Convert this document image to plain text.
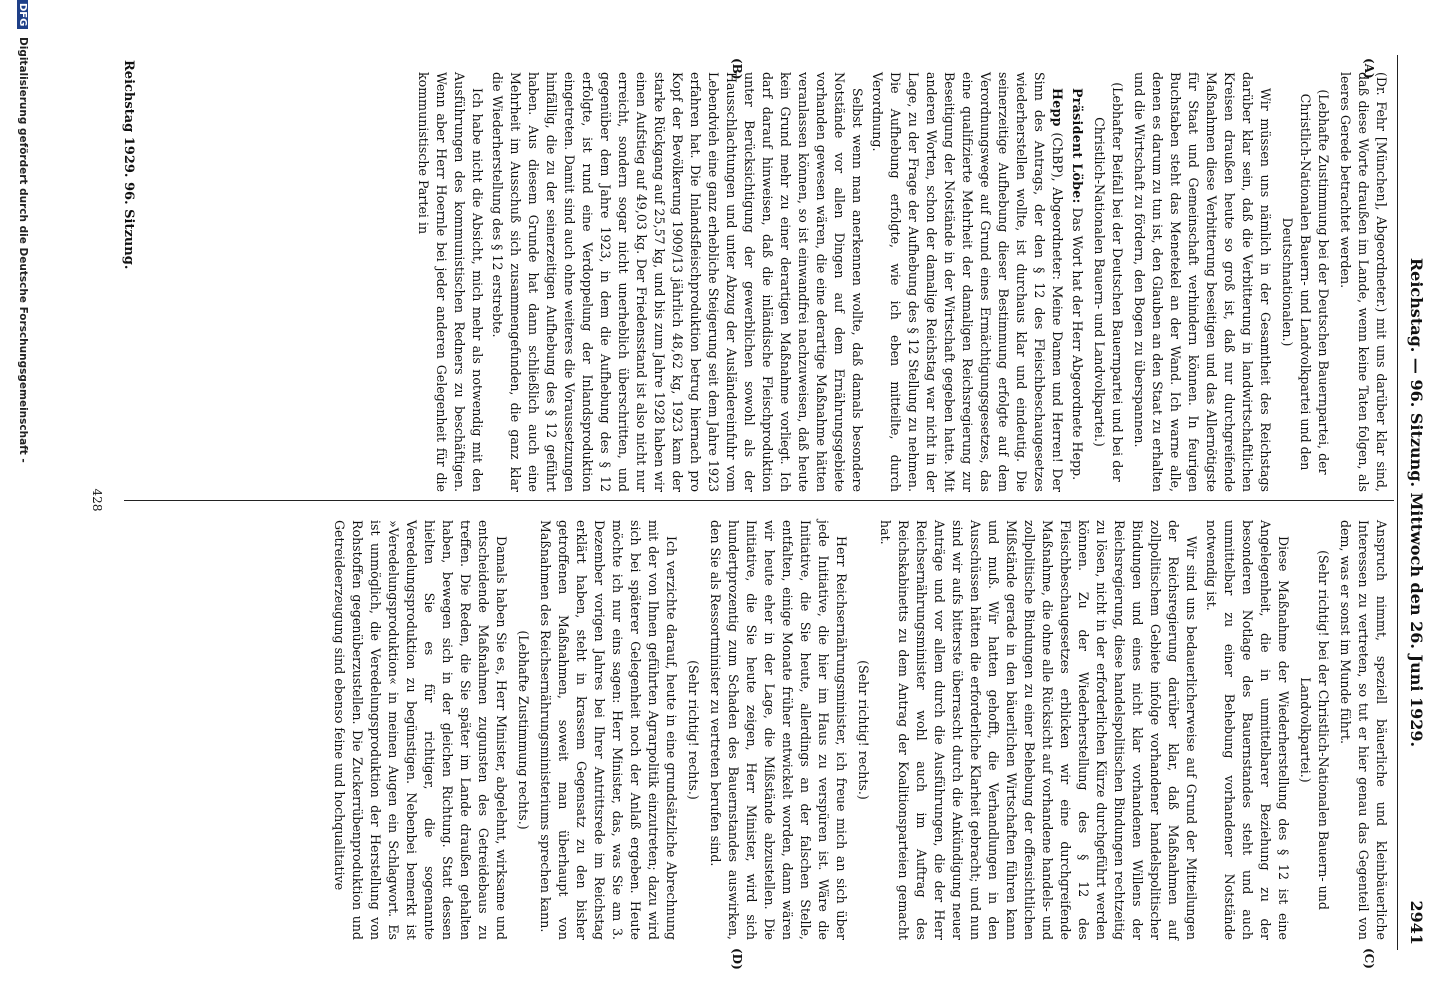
Reichstag. — 96. Sitzung. Mittwoch den 26. Juni 1929.
2941
(A)
(B)
(C)
(D)

(Dr. Fehr [München], Abgeordneter.) mit uns darüber klar sind, daß diese Worte draußen im Lande, wenn keine Taten folgen, als leeres Gerede betrachtet werden.

(Lebhafte Zustimmung bei der Deutschen Bauernpartei, der Christlich-Nationalen Bauern- und Landvolkpartei und den Deutschnationalen.)

Wir müssen uns nämlich in der Gesamtheit des Reichstags darüber klar sein, daß die Verbitterung in landwirtschaftlichen Kreisen draußen heute so groß ist, daß nur durchgreifende Maßnahmen diese Verbitterung beseitigen und das Allernötigste für Staat und Gemeinschaft verhindern können. In feurigen Buchstaben steht das Menetekel an der Wand. Ich warne alle, denen es darum zu tun ist, den Glauben an den Staat zu erhalten und die Wirtschaft zu fördern, den Bogen zu überspannen.

(Lebhafter Beifall bei der Deutschen Bauernpartei und bei der Christlich-Nationalen Bauern- und Landvolkpartei.)

Präsident Löbe: Das Wort hat der Herr Abgeordnete Hepp.

Hepp (ChBP), Abgeordneter: Meine Damen und Herren! Der Sinn des Antrags, der den § 12 des Fleischbeschaugesetzes wiederherstellen wollte, ist durchaus klar und eindeutig. Die seinerzeitige Aufhebung dieser Bestimmung erfolgte auf dem Verordnungswege auf Grund eines Ermächtigungsgesetzes, das eine qualifizierte Mehrheit der damaligen Reichsregierung zur Beseitigung der Notstände in der Wirtschaft gegeben hatte. Mit anderen Worten, schon der damalige Reichstag war nicht in der Lage, zu der Frage der Aufhebung des § 12 Stellung zu nehmen. Die Aufhebung erfolgte, wie ich eben mitteilte, durch Verordnung.

Selbst wenn man anerkennen wollte, daß damals besondere Notstände vor allen Dingen auf dem Ernährungsgebiete vorhanden gewesen wären, die eine derartige Maßnahme hätten veranlassen können, so ist einwandfrei nachzuweisen, daß heute kein Grund mehr zu einer derartigen Maßnahme vorliegt. Ich darf darauf hinweisen, daß die inländische Fleischproduktion unter Berücksichtigung der gewerblichen sowohl als der Hausschlachtungen und unter Abzug der Ausländereinfuhr vom Lebendvieh eine ganz erhebliche Steigerung seit dem Jahre 1923 erfahren hat. Die Inlandsfleischproduktion betrug hiernach pro Kopf der Bevölkerung 1909/13 jährlich 48,62 kg, 1923 kam der starke Rückgang auf 25,57 kg, und bis zum Jahre 1928 haben wir einen Aufstieg auf 49,03 kg. Der Friedensstand ist also nicht nur erreicht, sondern sogar nicht unerheblich überschritten, und gegenüber dem Jahre 1923, in dem die Aufhebung des § 12 erfolgte, ist rund eine Verdoppelung der Inlandsproduktion eingetreten. Damit sind auch ohne weiteres die Voraussetzungen hinfällig, die zu der seinerzeitigen Aufhebung des § 12 geführt haben. Aus diesem Grunde hat dann schließlich auch eine Mehrheit im Ausschuß sich zusammengefunden, die ganz klar die Wiederherstellung des § 12 erstrebte.

Ich habe nicht die Absicht, mich mehr als notwendig mit den Ausführungen des kommunistischen Redners zu beschäftigen. Wenn aber Herr Hoernle bei jeder anderen Gelegenheit für die kommunistische Partei in

Anspruch nimmt, speziell bäuerliche und kleinbäuerliche Interessen zu vertreten, so tut er hier genau das Gegenteil von dem, was er sonst im Munde führt.

(Sehr richtig! bei der Christlich-Nationalen Bauern- und Landvolkpartei.)

Diese Maßnahme der Wiederherstellung des § 12 ist eine Angelegenheit, die in unmittelbarer Beziehung zu der besonderen Notlage des Bauernstandes steht und auch unmittelbar zu einer Behebung vorhandener Notstände notwendig ist.

Wir sind uns bedauerlicherweise auf Grund der Mitteilungen der Reichsregierung darüber klar, daß Maßnahmen auf zollpolitischem Gebiete infolge vorhandener handelspolitischer Bindungen und eines nicht klar vorhandenen Willens der Reichsregierung, diese handelspolitischen Bindungen rechtzeitig zu lösen, nicht in der erforderlichen Kürze durchgeführt werden können. Zu der Wiederherstellung des § 12 des Fleischbeschaugesetzes erblicken wir eine durchgreifende Maßnahme, die ohne alle Rücksicht auf vorhandene handels- und zollpolitische Bindungen zu einer Behebung der offensichtlichen Mißstände gerade in den bäuerlichen Wirtschaften führen kann und muß. Wir hatten gehofft, die Verhandlungen in den Ausschüssen hätten die erforderliche Klarheit gebracht; und nun sind wir aufs bitterste überrascht durch die Ankündigung neuer Anträge und vor allem durch die Ausführungen, die der Herr Reichsernährungsminister wohl auch im Auftrag des Reichskabinetts zu dem Antrag der Koalitionsparteien gemacht hat.

(Sehr richtig! rechts.)

Herr Reichsernährungsminister, ich freue mich an sich über jede Initiative, die hier im Haus zu verspüren ist. Wäre die Initiative, die Sie heute, allerdings an der falschen Stelle, entfalten, einige Monate früher entwickelt worden, dann wären wir heute eher in der Lage, die Mißstände abzustellen. Die Initiative, die Sie heute zeigen, Herr Minister, wird sich hundertprozentig zum Schaden des Bauernstandes auswirken, den Sie als Ressortminister zu vertreten berufen sind.

(Sehr richtig! rechts.)

Ich verzichte darauf, heute in eine grundsätzliche Abrechnung mit der von Ihnen geführten Agrarpolitik einzutreten; dazu wird sich bei späterer Gelegenheit noch der Anlaß ergeben. Heute möchte ich nur eins sagen: Herr Minister, das, was Sie am 3. Dezember vorigen Jahres bei Ihrer Antrittsrede im Reichstag erklärt haben, steht in krassem Gegensatz zu den bisher getroffenen Maßnahmen, soweit man überhaupt von Maßnahmen des Reichsernährungsministeriums sprechen kann.

(Lebhafte Zustimmung rechts.)

Damals haben Sie es, Herr Minister, abgelehnt, wirksame und entscheidende Maßnahmen zugunsten des Getreidebaus zu treffen. Die Reden, die Sie später im Lande draußen gehalten haben, bewegen sich in der gleichen Richtung. Statt dessen hielten Sie es für richtiger, die sogenannte Veredelungsproduktion zu begünstigen. Nebenbei bemerkt ist »Veredelungsproduktion« in meinen Augen ein Schlagwort. Es ist unmöglich, die Veredelungsproduktion der Herstellung von Rohstoffen gegenüberzustellen. Die Zuckerrübenproduktion und Getreideerzeugung sind ebenso feine und hochqualitative

Reichstag 1929. 96. Sitzung.
428
DFG Digitalisierung gefördert durch die Deutsche Forschungsgemeinschaft -
